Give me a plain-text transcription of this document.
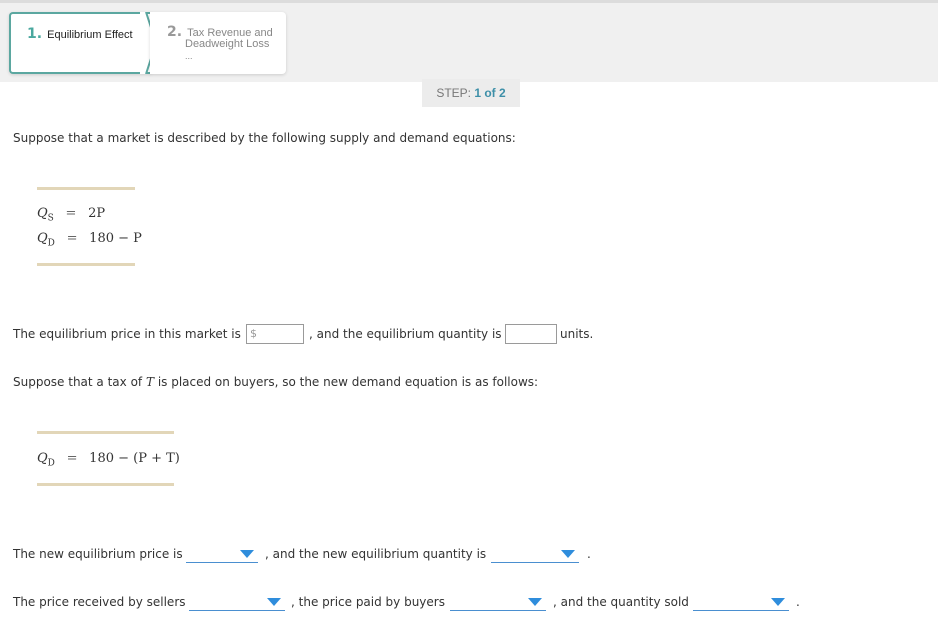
1. Equilibrium Effect 2. Tax Revenue and
Deadweight Loss
...
STEP: 1 of 2
Suppose that a market is described by the following supply and demand equations:
$Q_S = 2P$
$Q_D = 180 - P$
The equilibrium price in this market is $	, and the equilibrium quantity is	units.
Suppose that a tax of T is placed on buyers, so the new demand equation is as follows:
$Q_D = 180 - (P + T)$
The new equilibrium price is	, and the new equilibrium quantity is	.
The price received by sellers	, the price paid by buyers	, and the quantity sold	.
